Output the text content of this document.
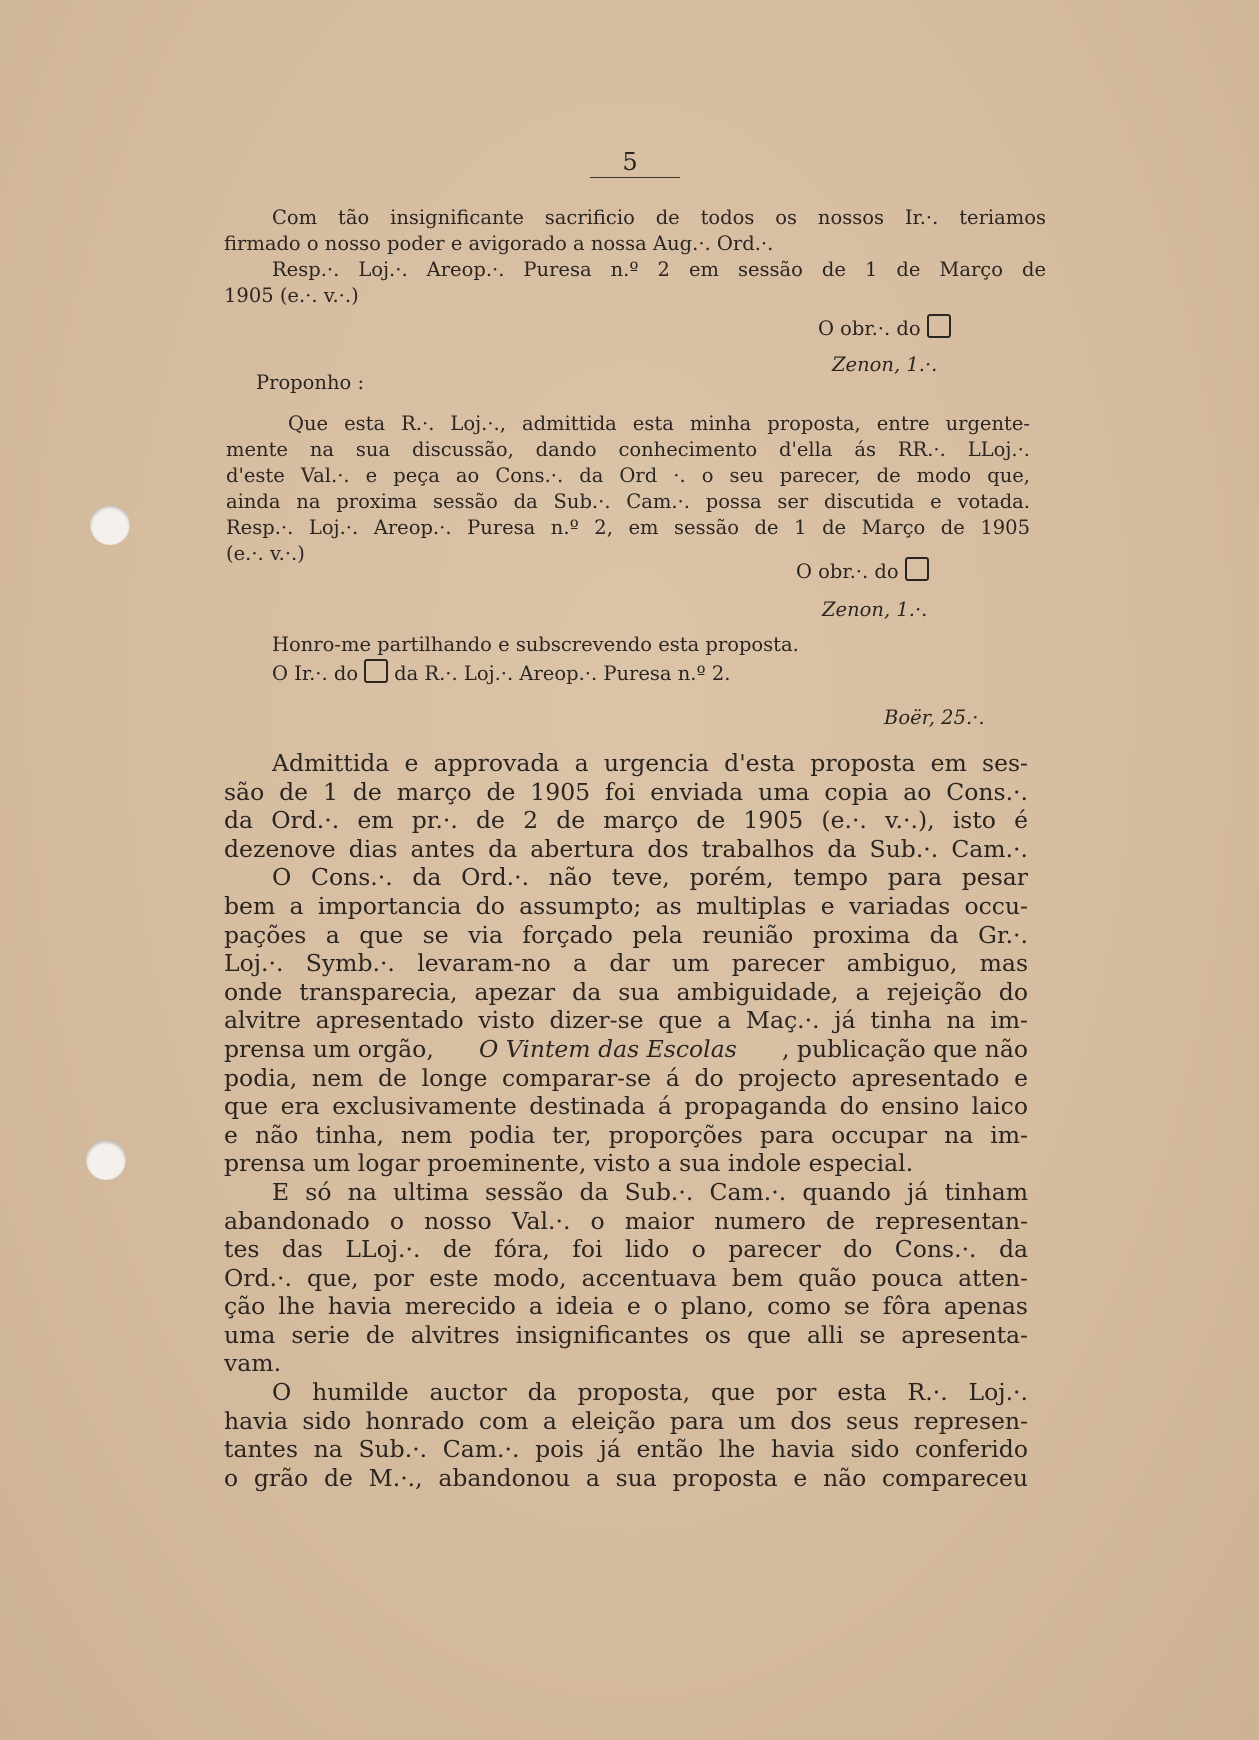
5
Com tão insignificante sacrificio de todos os nossos Ir.·. teriamos
firmado o nosso poder e avigorado a nossa Aug.·. Ord.·.
Resp.·. Loj.·. Areop.·. Puresa n.º 2 em sessão de 1 de Março de
1905 (e.·. v.·.)
O obr.·. do
Zenon, 1.·.
Proponho :
Que esta R.·. Loj.·., admittida esta minha proposta, entre urgente-
mente na sua discussão, dando conhecimento d'ella ás RR.·. LLoj.·.
d'este Val.·. e peça ao Cons.·. da Ord ·. o seu parecer, de modo que,
ainda na proxima sessão da Sub.·. Cam.·. possa ser discutida e votada.
Resp.·. Loj.·. Areop.·. Puresa n.º 2, em sessão de 1 de Março de 1905
(e.·. v.·.)
O obr.·. do
Zenon, 1.·.
Honro-me partilhando e subscrevendo esta proposta.
O Ir.·. do da R.·. Loj.·. Areop.·. Puresa n.º 2.
Boër, 25.·.
Admittida e approvada a urgencia d'esta proposta em ses-
são de 1 de março de 1905 foi enviada uma copia ao Cons.·.
da Ord.·. em pr.·. de 2 de março de 1905 (e.·. v.·.), isto é
dezenove dias antes da abertura dos trabalhos da Sub.·. Cam.·.
O Cons.·. da Ord.·. não teve, porém, tempo para pesar
bem a importancia do assumpto; as multiplas e variadas occu-
pações a que se via forçado pela reunião proxima da Gr.·.
Loj.·. Symb.·. levaram-no a dar um parecer ambiguo, mas
onde transparecia, apezar da sua ambiguidade, a rejeição do
alvitre apresentado visto dizer-se que a Maç.·. já tinha na im-
prensa um orgão, O Vintem das Escolas , publicação que não
podia, nem de longe comparar-se á do projecto apresentado e
que era exclusivamente destinada á propaganda do ensino laico
e não tinha, nem podia ter, proporções para occupar na im-
prensa um logar proeminente, visto a sua indole especial.
E só na ultima sessão da Sub.·. Cam.·. quando já tinham
abandonado o nosso Val.·. o maior numero de representan-
tes das LLoj.·. de fóra, foi lido o parecer do Cons.·. da
Ord.·. que, por este modo, accentuava bem quão pouca atten-
ção lhe havia merecido a ideia e o plano, como se fôra apenas
uma serie de alvitres insignificantes os que alli se apresenta-
vam.
O humilde auctor da proposta, que por esta R.·. Loj.·.
havia sido honrado com a eleição para um dos seus represen-
tantes na Sub.·. Cam.·. pois já então lhe havia sido conferido
o grão de M.·., abandonou a sua proposta e não compareceu
